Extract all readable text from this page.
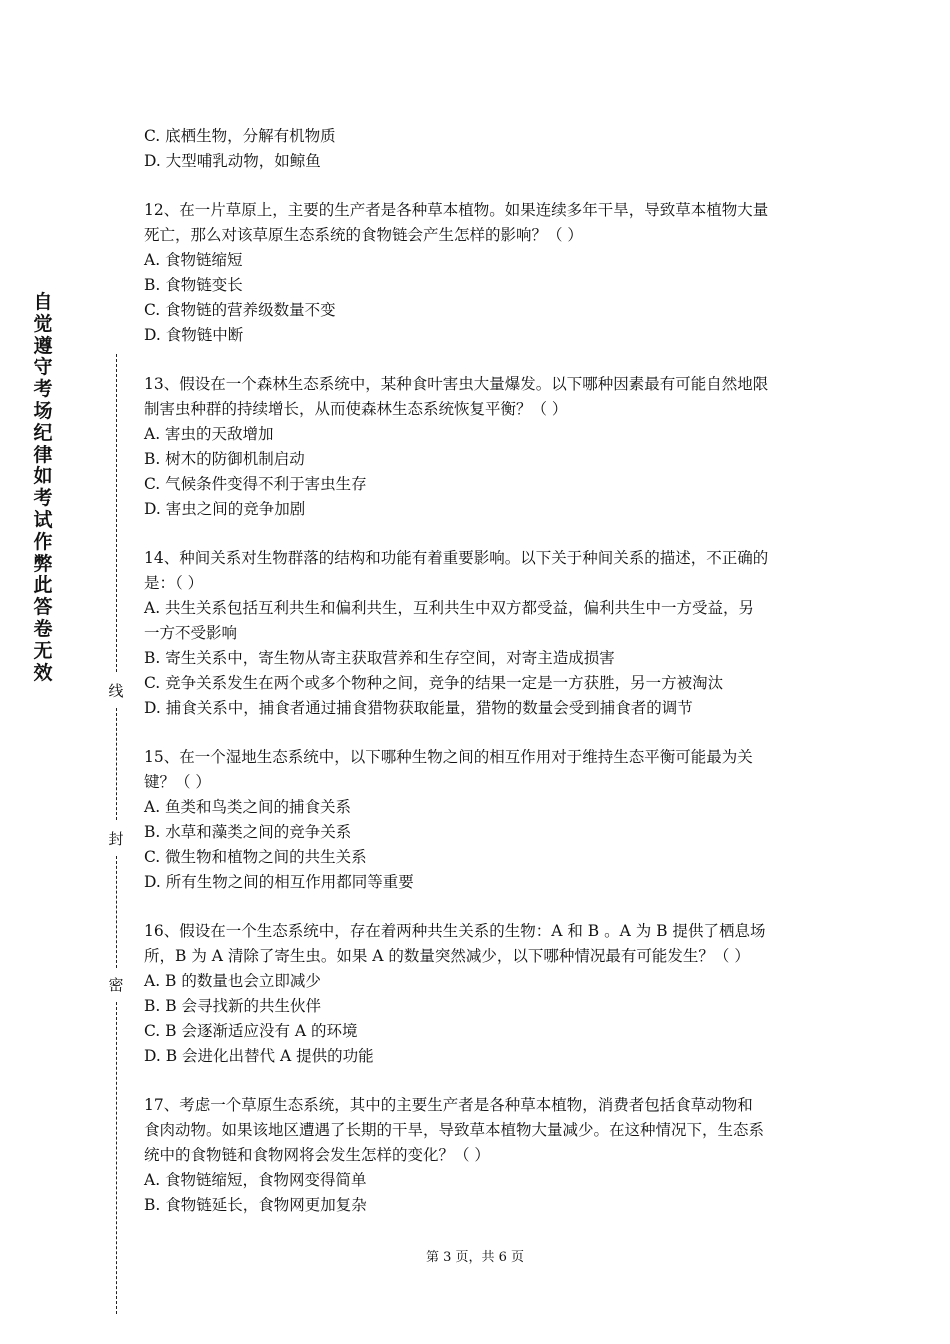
自觉遵守考场纪律如考试作弊此答卷无效
线
封
密
C. 底栖生物，分解有机物质
D. 大型哺乳动物，如鲸鱼
12、在一片草原上，主要的生产者是各种草本植物。如果连续多年干旱，导致草本植物大量
死亡，那么对该草原生态系统的食物链会产生怎样的影响？（ ）
A. 食物链缩短
B. 食物链变长
C. 食物链的营养级数量不变
D. 食物链中断
13、假设在一个森林生态系统中，某种食叶害虫大量爆发。以下哪种因素最有可能自然地限
制害虫种群的持续增长，从而使森林生态系统恢复平衡？（ ）
A. 害虫的天敌增加
B. 树木的防御机制启动
C. 气候条件变得不利于害虫生存
D. 害虫之间的竞争加剧
14、种间关系对生物群落的结构和功能有着重要影响。以下关于种间关系的描述，不正确的
是：（ ）
A. 共生关系包括互利共生和偏利共生，互利共生中双方都受益，偏利共生中一方受益，另
一方不受影响
B. 寄生关系中，寄生物从寄主获取营养和生存空间，对寄主造成损害
C. 竞争关系发生在两个或多个物种之间，竞争的结果一定是一方获胜，另一方被淘汰
D. 捕食关系中，捕食者通过捕食猎物获取能量，猎物的数量会受到捕食者的调节
15、在一个湿地生态系统中，以下哪种生物之间的相互作用对于维持生态平衡可能最为关
键？（ ）
A. 鱼类和鸟类之间的捕食关系
B. 水草和藻类之间的竞争关系
C. 微生物和植物之间的共生关系
D. 所有生物之间的相互作用都同等重要
16、假设在一个生态系统中，存在着两种共生关系的生物：A 和 B 。A 为 B 提供了栖息场
所，B 为 A 清除了寄生虫。如果 A 的数量突然减少，以下哪种情况最有可能发生？（ ）
A. B 的数量也会立即减少
B. B 会寻找新的共生伙伴
C. B 会逐渐适应没有 A 的环境
D. B 会进化出替代 A 提供的功能
17、考虑一个草原生态系统，其中的主要生产者是各种草本植物，消费者包括食草动物和
食肉动物。如果该地区遭遇了长期的干旱，导致草本植物大量减少。在这种情况下，生态系
统中的食物链和食物网将会发生怎样的变化？（ ）
A. 食物链缩短，食物网变得简单
B. 食物链延长，食物网更加复杂
第 3 页，共 6 页
